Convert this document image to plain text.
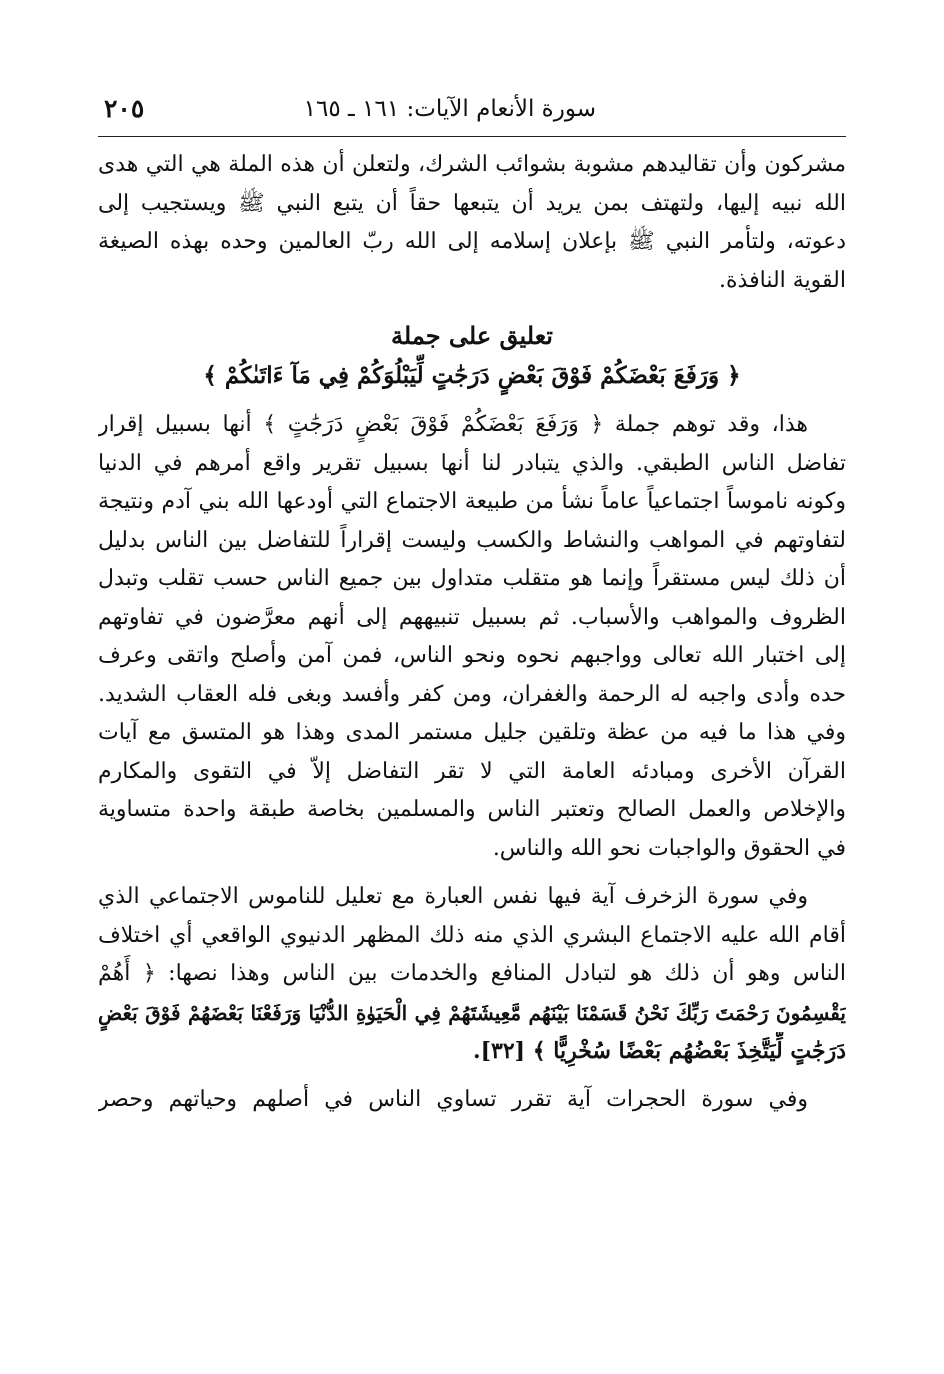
سورة الأنعام الآيات: ١٦١ ـ ١٦٥
٢٠٥
مشركون وأن تقاليدهم مشوبة بشوائب الشرك، ولتعلن أن هذه الملة هي التي هدى
الله نبيه إليها، ولتهتف بمن يريد أن يتبعها حقاً أن يتبع النبي ﷺ ويستجيب إلى
دعوته، ولتأمر النبي ﷺ بإعلان إسلامه إلى الله ربّ العالمين وحده بهذه الصيغة
القوية النافذة.
تعليق على جملة
﴿ وَرَفَعَ بَعْضَكُمْ فَوْقَ بَعْضٍ دَرَجَٰتٍ لِّيَبْلُوَكُمْ فِي مَآ ءَاتَىٰكُمْ ﴾
هذا، وقد توهم جملة ﴿ وَرَفَعَ بَعْضَكُمْ فَوْقَ بَعْضٍ دَرَجَٰتٍ ﴾ أنها بسبيل إقرار
تفاضل الناس الطبقي. والذي يتبادر لنا أنها بسبيل تقرير واقع أمرهم في الدنيا
وكونه ناموساً اجتماعياً عاماً نشأ من طبيعة الاجتماع التي أودعها الله بني آدم ونتيجة
لتفاوتهم في المواهب والنشاط والكسب وليست إقراراً للتفاضل بين الناس بدليل
أن ذلك ليس مستقراً وإنما هو متقلب متداول بين جميع الناس حسب تقلب وتبدل
الظروف والمواهب والأسباب. ثم بسبيل تنبيههم إلى أنهم معرَّضون في تفاوتهم
إلى اختبار الله تعالى وواجبهم نحوه ونحو الناس، فمن آمن وأصلح واتقى وعرف
حده وأدى واجبه له الرحمة والغفران، ومن كفر وأفسد وبغى فله العقاب الشديد.
وفي هذا ما فيه من عظة وتلقين جليل مستمر المدى وهذا هو المتسق مع آيات
القرآن الأخرى ومبادئه العامة التي لا تقر التفاضل إلاّ في التقوى والمكارم
والإخلاص والعمل الصالح وتعتبر الناس والمسلمين بخاصة طبقة واحدة متساوية
في الحقوق والواجبات نحو الله والناس.
وفي سورة الزخرف آية فيها نفس العبارة مع تعليل للناموس الاجتماعي الذي
أقام الله عليه الاجتماع البشري الذي منه ذلك المظهر الدنيوي الواقعي أي اختلاف
الناس وهو أن ذلك هو لتبادل المنافع والخدمات بين الناس وهذا نصها: ﴿ أَهُمْ
يَقْسِمُونَ رَحْمَتَ رَبِّكَ نَحْنُ قَسَمْنَا بَيْنَهُم مَّعِيشَتَهُمْ فِي الْحَيَوٰةِ الدُّنْيَا وَرَفَعْنَا بَعْضَهُمْ فَوْقَ بَعْضٍ
دَرَجَٰتٍ لِّيَتَّخِذَ بَعْضُهُم بَعْضًا سُخْرِيًّا ﴾ [٣٢].
وفي سورة الحجرات آية تقرر تساوي الناس في أصلهم وحياتهم وحصر
